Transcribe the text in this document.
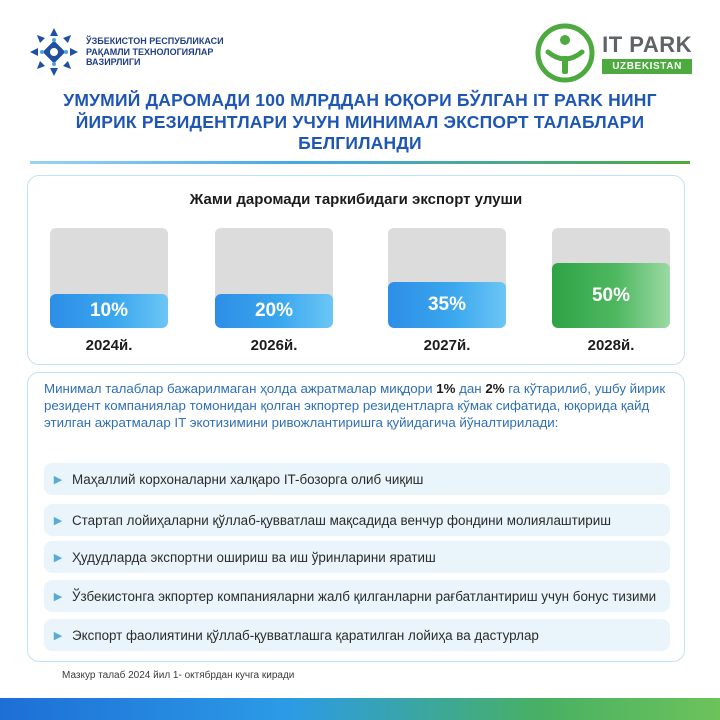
ЎЗБЕКИСТОН РЕСПУБЛИКАСИ
РАҚАМЛИ ТЕХНОЛОГИЯЛАР
ВАЗИРЛИГИ
IT PARK
UZBEKISTAN
УМУМИЙ ДАРОМАДИ 100 МЛРДДАН ЮҚОРИ БЎЛГАН IT PARK НИНГ
ЙИРИК РЕЗИДЕНТЛАРИ УЧУН МИНИМАЛ ЭКСПОРТ ТАЛАБЛАРИ
БЕЛГИЛАНДИ
Жами даромади таркибидаги экспорт улуши
10%
2024й.
20%
2026й.
35%
2027й.
50%
2028й.
Минимал талаблар бажарилмаган ҳолда ажратмалар миқдори 1% дан 2% га кўтарилиб, ушбу йирик резидент компаниялар томонидан қолган экпортер резидентларга кўмак сифатида, юқорида қайд этилган ажратмалар IT экотизимини ривожлантиришга қуйидагича йўналтирилади:
▶ Маҳаллий корхоналарни халқаро IT-бозорга олиб чиқиш
▶ Стартап лойиҳаларни қўллаб-қувватлаш мақсадида венчур фондини молиялаштириш
▶ Ҳудудларда экспортни ошириш ва иш ўринларини яратиш
▶ Ўзбекистонга экпортер компанияларни жалб қилганларни рағбатлантириш учун бонус тизими
▶ Экспорт фаолиятини қўллаб-қувватлашга қаратилган лойиҳа ва дастурлар
Мазкур талаб 2024 йил 1- октябрдан кучга киради
